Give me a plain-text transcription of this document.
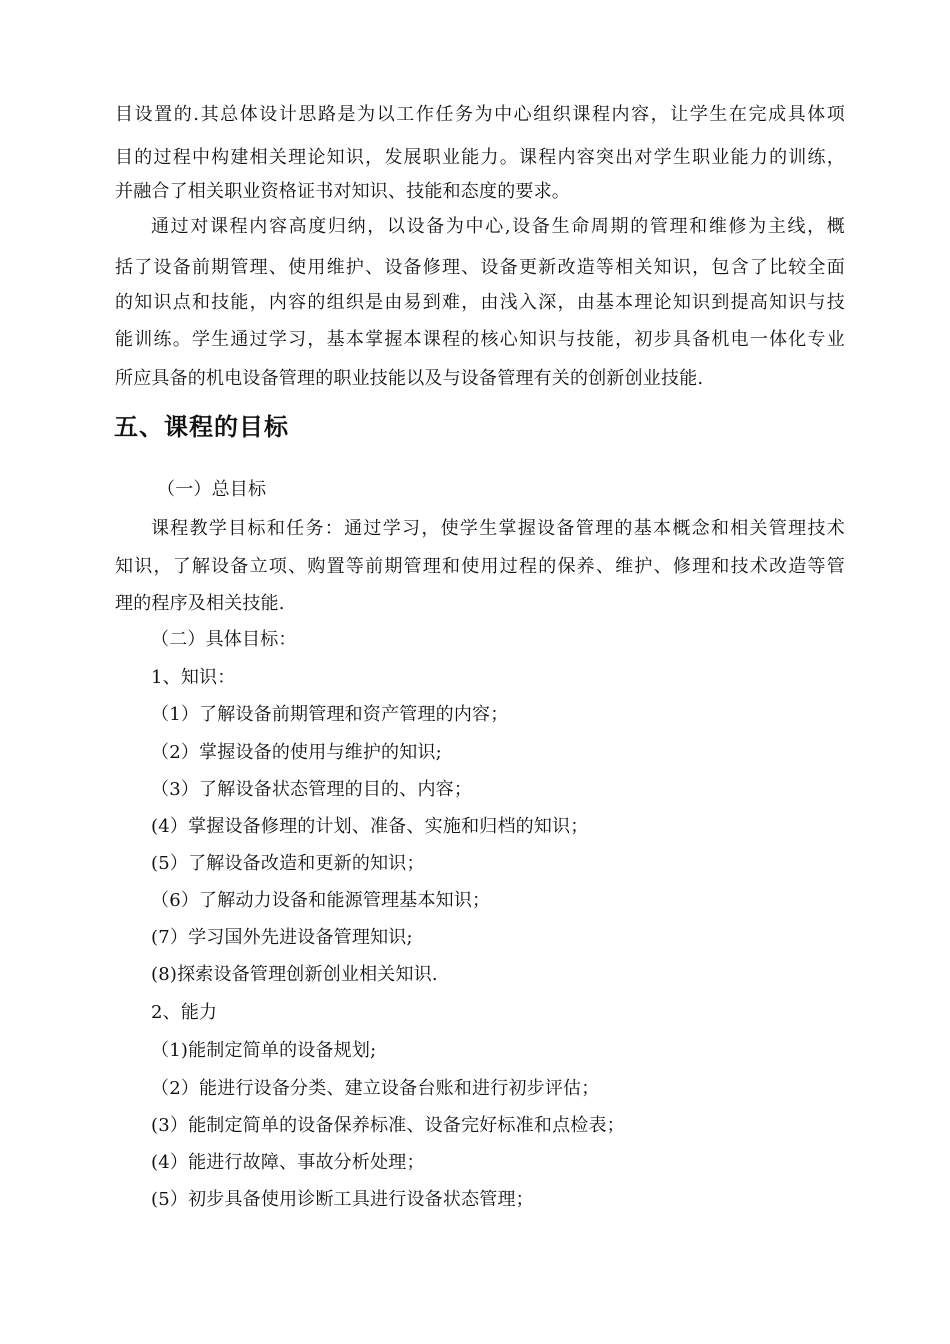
目设置的.其总体设计思路是为以工作任务为中心组织课程内容，让学生在完成具体项
目的过程中构建相关理论知识，发展职业能力。课程内容突出对学生职业能力的训练，
并融合了相关职业资格证书对知识、技能和态度的要求。
通过对课程内容高度归纳，以设备为中心,设备生命周期的管理和维修为主线，概
括了设备前期管理、使用维护、设备修理、设备更新改造等相关知识，包含了比较全面
的知识点和技能，内容的组织是由易到难，由浅入深，由基本理论知识到提高知识与技
能训练。学生通过学习，基本掌握本课程的核心知识与技能，初步具备机电一体化专业
所应具备的机电设备管理的职业技能以及与设备管理有关的创新创业技能.
五、课程的目标
（一）总目标
课程教学目标和任务：通过学习，使学生掌握设备管理的基本概念和相关管理技术
知识，了解设备立项、购置等前期管理和使用过程的保养、维护、修理和技术改造等管
理的程序及相关技能.
（二）具体目标：
1、知识：
（1）了解设备前期管理和资产管理的内容；
（2）掌握设备的使用与维护的知识;
（3）了解设备状态管理的目的、内容；
(4）掌握设备修理的计划、准备、实施和归档的知识；
(5）了解设备改造和更新的知识；
（6）了解动力设备和能源管理基本知识；
(7）学习国外先进设备管理知识;
(8)探索设备管理创新创业相关知识.
2、能力
（1)能制定简单的设备规划;
（2）能进行设备分类、建立设备台账和进行初步评估；
(3）能制定简单的设备保养标准、设备完好标准和点检表；
(4）能进行故障、事故分析处理；
(5）初步具备使用诊断工具进行设备状态管理；
